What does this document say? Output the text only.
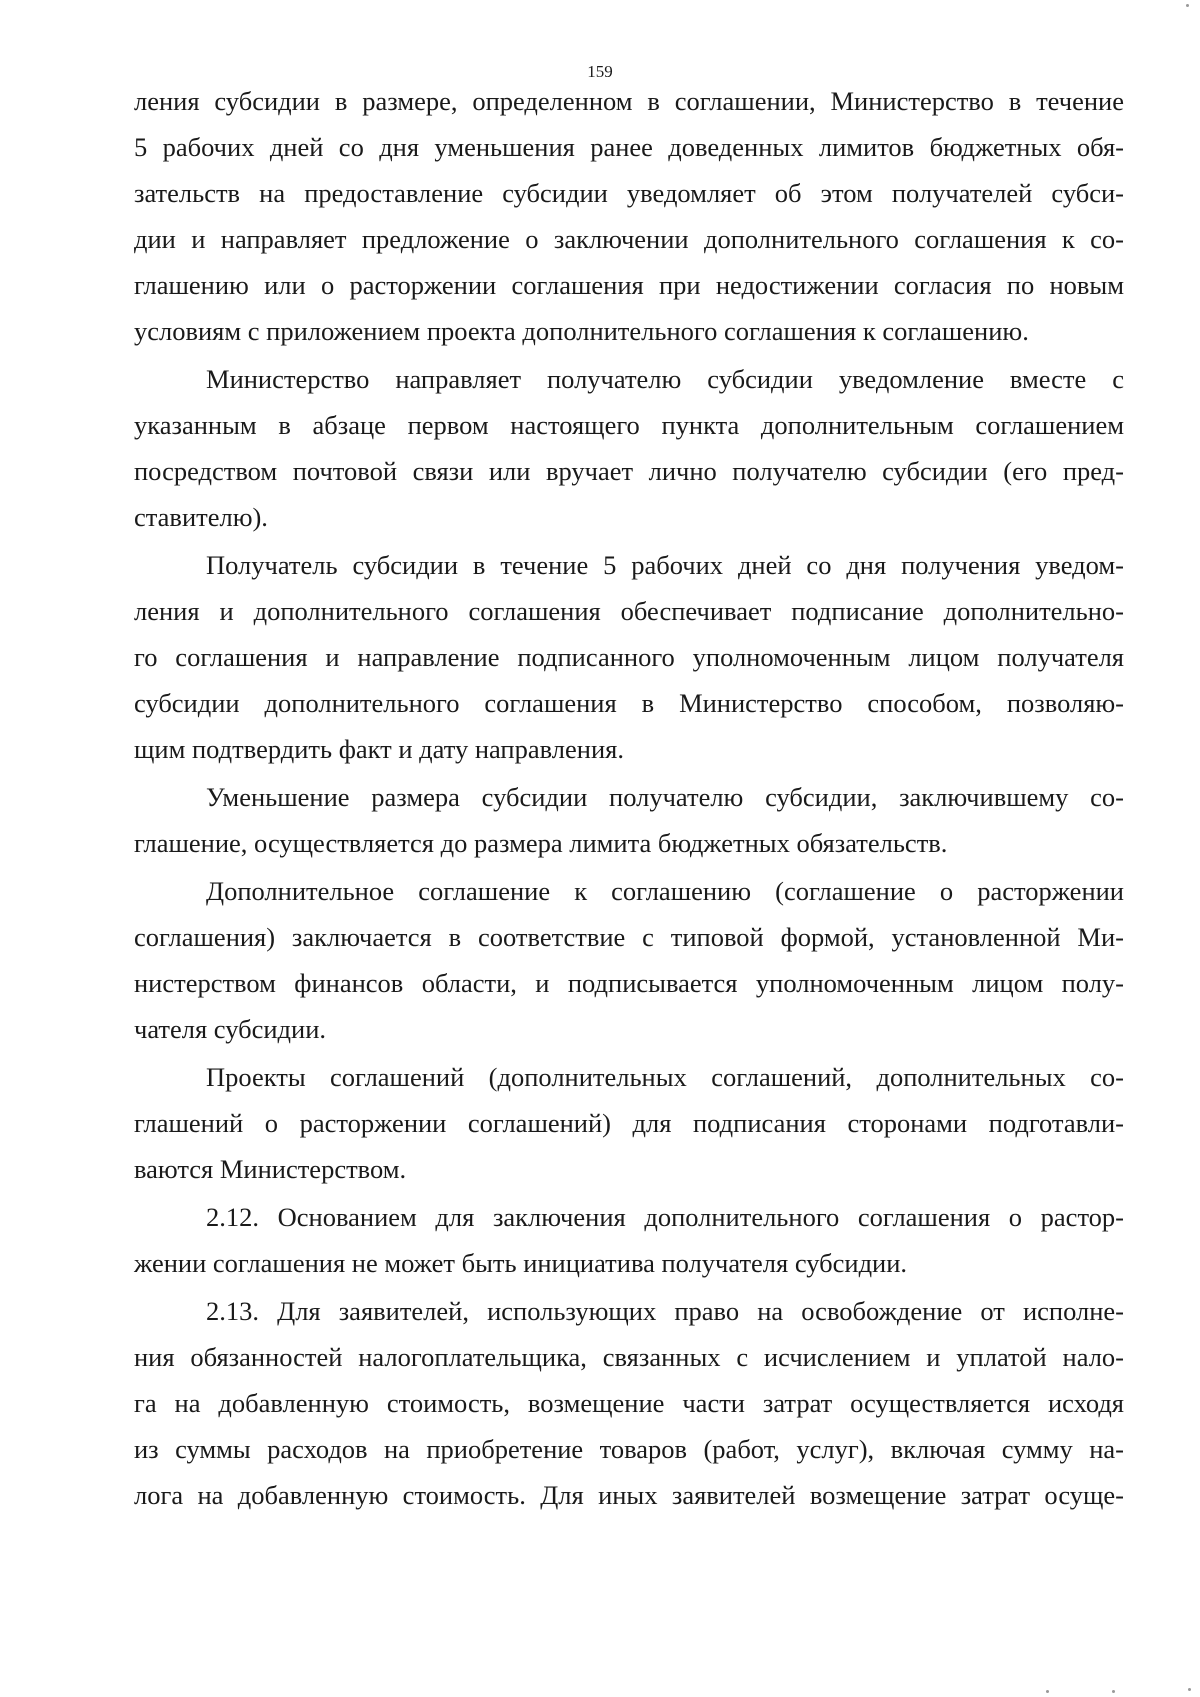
159
ления субсидии в размере, определенном в соглашении, Министерство в течение
5 рабочих дней со дня уменьшения ранее доведенных лимитов бюджетных обя-
зательств на предоставление субсидии уведомляет об этом получателей субси-
дии и направляет предложение о заключении дополнительного соглашения к со-
глашению или о расторжении соглашения при недостижении согласия по новым
условиям с приложением проекта дополнительного соглашения к соглашению.
Министерство направляет получателю субсидии уведомление вместе с
указанным в абзаце первом настоящего пункта дополнительным соглашением
посредством почтовой связи или вручает лично получателю субсидии (его пред-
ставителю).
Получатель субсидии в течение 5 рабочих дней со дня получения уведом-
ления и дополнительного соглашения обеспечивает подписание дополнительно-
го соглашения и направление подписанного уполномоченным лицом получателя
субсидии дополнительного соглашения в Министерство способом, позволяю-
щим подтвердить факт и дату направления.
Уменьшение размера субсидии получателю субсидии, заключившему со-
глашение, осуществляется до размера лимита бюджетных обязательств.
Дополнительное соглашение к соглашению (соглашение о расторжении
соглашения) заключается в соответствие с типовой формой, установленной Ми-
нистерством финансов области, и подписывается уполномоченным лицом полу-
чателя субсидии.
Проекты соглашений (дополнительных соглашений, дополнительных со-
глашений о расторжении соглашений) для подписания сторонами подготавли-
ваются Министерством.
2.12. Основанием для заключения дополнительного соглашения о растор-
жении соглашения не может быть инициатива получателя субсидии.
2.13. Для заявителей, использующих право на освобождение от исполне-
ния обязанностей налогоплательщика, связанных с исчислением и уплатой нало-
га на добавленную стоимость, возмещение части затрат осуществляется исходя
из суммы расходов на приобретение товаров (работ, услуг), включая сумму на-
лога на добавленную стоимость. Для иных заявителей возмещение затрат осуще-
